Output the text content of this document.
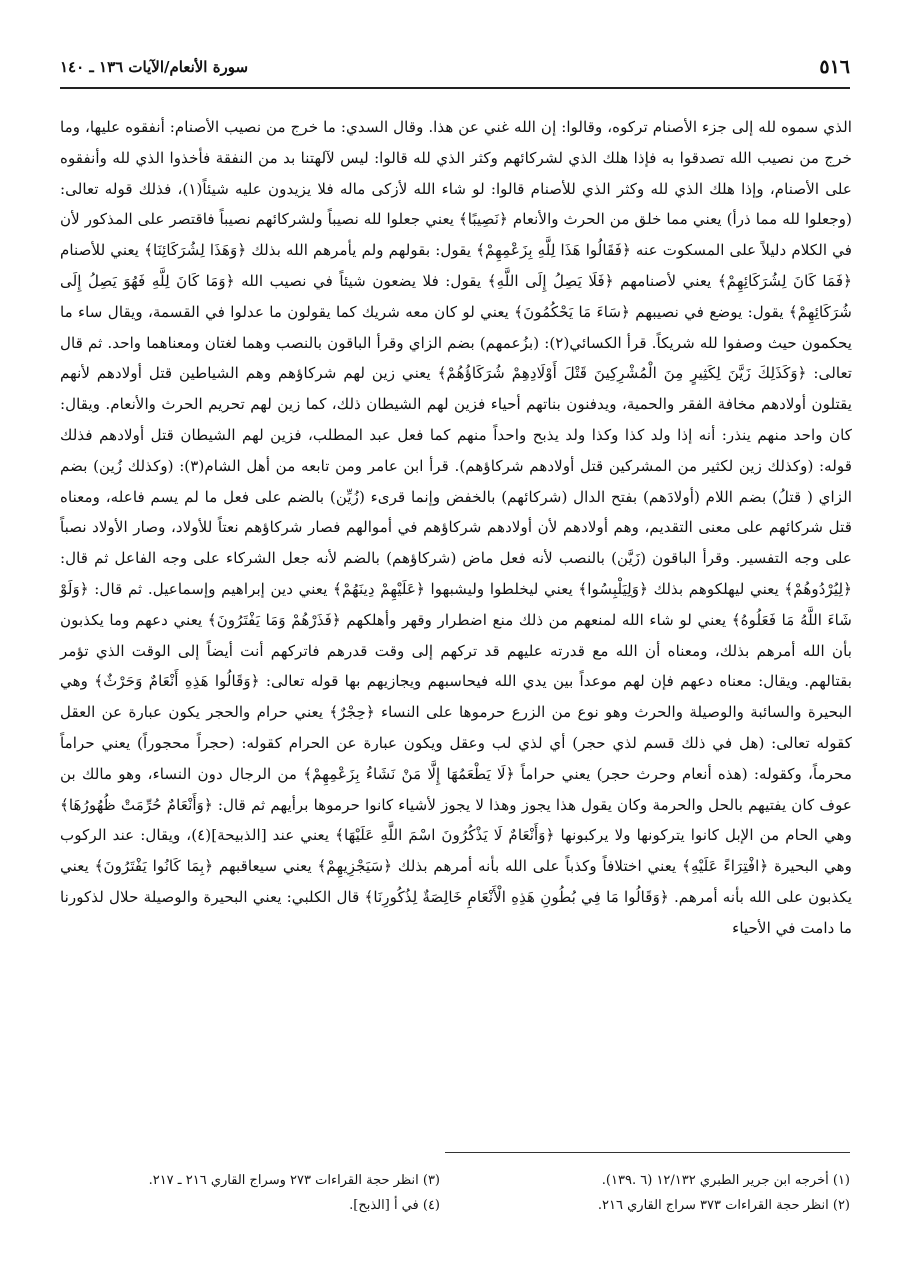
٥١٦
سورة الأنعام/الآيات ١٣٦ ـ ١٤٠

الذي سموه لله إلى جزء الأصنام تركوه، وقالوا: إن الله غني عن هذا. وقال السدي: ما خرج من نصيب الأصنام: أنفقوه عليها، وما خرج من نصيب الله تصدقوا به فإذا هلك الذي لشركائهم وكثر الذي لله قالوا: ليس لآلهتنا بد من النفقة فأخذوا الذي لله وأنفقوه على الأصنام، وإذا هلك الذي لله وكثر الذي للأصنام قالوا: لو شاء الله لأزكى ماله فلا يزيدون عليه شيئاً(١)، فذلك قوله تعالى: (وجعلوا لله مما ذرأ) يعني مما خلق من الحرث والأنعام ﴿نَصِيبًا﴾ يعني جعلوا لله نصيباً ولشركائهم نصيباً فاقتصر على المذكور لأن في الكلام دليلاً على المسكوت عنه ﴿فَقَالُوا هَذَا لِلَّهِ بِزَعْمِهِمْ﴾ يقول: بقولهم ولم يأمرهم الله بذلك ﴿وَهَذَا لِشُرَكَائِنَا﴾ يعني للأصنام ﴿فَمَا كَانَ لِشُرَكَائِهِمْ﴾ يعني لأصنامهم ﴿فَلَا يَصِلُ إِلَى اللَّهِ﴾ يقول: فلا يضعون شيئاً في نصيب الله ﴿وَمَا كَانَ لِلَّهِ فَهُوَ يَصِلُ إِلَى شُرَكَائِهِمْ﴾ يقول: يوضع في نصيبهم ﴿سَاءَ مَا يَحْكُمُونَ﴾ يعني لو كان معه شريك كما يقولون ما عدلوا في القسمة، ويقال ساء ما يحكمون حيث وصفوا لله شريكاً. قرأ الكسائي(٢): (بزُعمهم) بضم الزاي وقرأ الباقون بالنصب وهما لغتان ومعناهما واحد. ثم قال تعالى: ﴿وَكَذَلِكَ زَيَّنَ لِكَثِيرٍ مِنَ الْمُشْرِكِينَ قَتْلَ أَوْلَادِهِمْ شُرَكَاؤُهُمْ﴾ يعني زين لهم شركاؤهم وهم الشياطين قتل أولادهم لأنهم يقتلون أولادهم مخافة الفقر والحمية، ويدفنون بناتهم أحياء فزين لهم الشيطان ذلك، كما زين لهم تحريم الحرث والأنعام. ويقال: كان واحد منهم ينذر: أنه إذا ولد كذا وكذا ولد يذبح واحداً منهم كما فعل عبد المطلب، فزين لهم الشيطان قتل أولادهم فذلك قوله: (وكذلك زين لكثير من المشركين قتل أولادهم شركاؤهم). قرأ ابن عامر ومن تابعه من أهل الشام(٣): (وكذلك زُين) بضم الزاي ( قتلُ) بضم اللام (أولادَهم) بفتح الدال (شركائهم) بالخفض وإنما قرىء (زُيِّن) بالضم على فعل ما لم يسم فاعله، ومعناه قتل شركائهم على معنى التقديم، وهم أولادهم لأن أولادهم شركاؤهم في أموالهم فصار شركاؤهم نعتاً للأولاد، وصار الأولاد نصباً على وجه التفسير. وقرأ الباقون (زَيَّن) بالنصب لأنه فعل ماض (شركاؤهم) بالضم لأنه جعل الشركاء على وجه الفاعل ثم قال: ﴿لِيُرْدُوهُمْ﴾ يعني ليهلكوهم بذلك ﴿وَلِيَلْبِسُوا﴾ يعني ليخلطوا وليشبهوا ﴿عَلَيْهِمْ دِينَهُمْ﴾ يعني دين إبراهيم وإسماعيل. ثم قال: ﴿وَلَوْ شَاءَ اللَّهُ مَا فَعَلُوهُ﴾ يعني لو شاء الله لمنعهم من ذلك منع اضطرار وقهر وأهلكهم ﴿فَذَرْهُمْ وَمَا يَفْتَرُونَ﴾ يعني دعهم وما يكذبون بأن الله أمرهم بذلك، ومعناه أن الله مع قدرته عليهم قد تركهم إلى وقت قدرهم فاتركهم أنت أيضاً إلى الوقت الذي تؤمر بقتالهم. ويقال: معناه دعهم فإن لهم موعداً بين يدي الله فيحاسبهم ويجازيهم بها قوله تعالى: ﴿وَقَالُوا هَذِهِ أَنْعَامٌ وَحَرْثٌ﴾ وهي البحيرة والسائبة والوصيلة والحرث وهو نوع من الزرع حرموها على النساء ﴿حِجْرٌ﴾ يعني حرام والحجر يكون عبارة عن العقل كقوله تعالى: (هل في ذلك قسم لذي حجر) أي لذي لب وعقل ويكون عبارة عن الحرام كقوله: (حجراً محجوراً) يعني حراماً محرماً، وكقوله: (هذه أنعام وحرث حجر) يعني حراماً ﴿لَا يَطْعَمُهَا إِلَّا مَنْ نَشَاءُ بِزَعْمِهِمْ﴾ من الرجال دون النساء، وهو مالك بن عوف كان يفتيهم بالحل والحرمة وكان يقول هذا يجوز وهذا لا يجوز لأشياء كانوا حرموها برأيهم ثم قال: ﴿وَأَنْعَامٌ حُرِّمَتْ ظُهُورُهَا﴾ وهي الحام من الإبل كانوا يتركونها ولا يركبونها ﴿وَأَنْعَامٌ لَا يَذْكُرُونَ اسْمَ اللَّهِ عَلَيْهَا﴾ يعني عند [الذبيحة](٤)، ويقال: عند الركوب وهي البحيرة ﴿افْتِرَاءً عَلَيْهِ﴾ يعني اختلافاً وكذباً على الله بأنه أمرهم بذلك ﴿سَيَجْزِيهِمْ﴾ يعني سيعاقبهم ﴿بِمَا كَانُوا يَفْتَرُونَ﴾ يعني يكذبون على الله بأنه أمرهم. ﴿وَقَالُوا مَا فِي بُطُونِ هَذِهِ الْأَنْعَامِ خَالِصَةٌ لِذُكُورِنَا﴾ قال الكلبي: يعني البحيرة والوصيلة حلال لذكورنا ما دامت في الأحياء

(١) أخرجه ابن جرير الطبري ١٢/١٣٢ (٦ .١٣٩).
(٢) انظر حجة القراءات ٣٧٣ سراج القاري ٢١٦.
(٣) انظر حجة القراءات ٢٧٣ وسراج القاري ٢١٦ ـ ٢١٧.
(٤) في أ [الذبح].
